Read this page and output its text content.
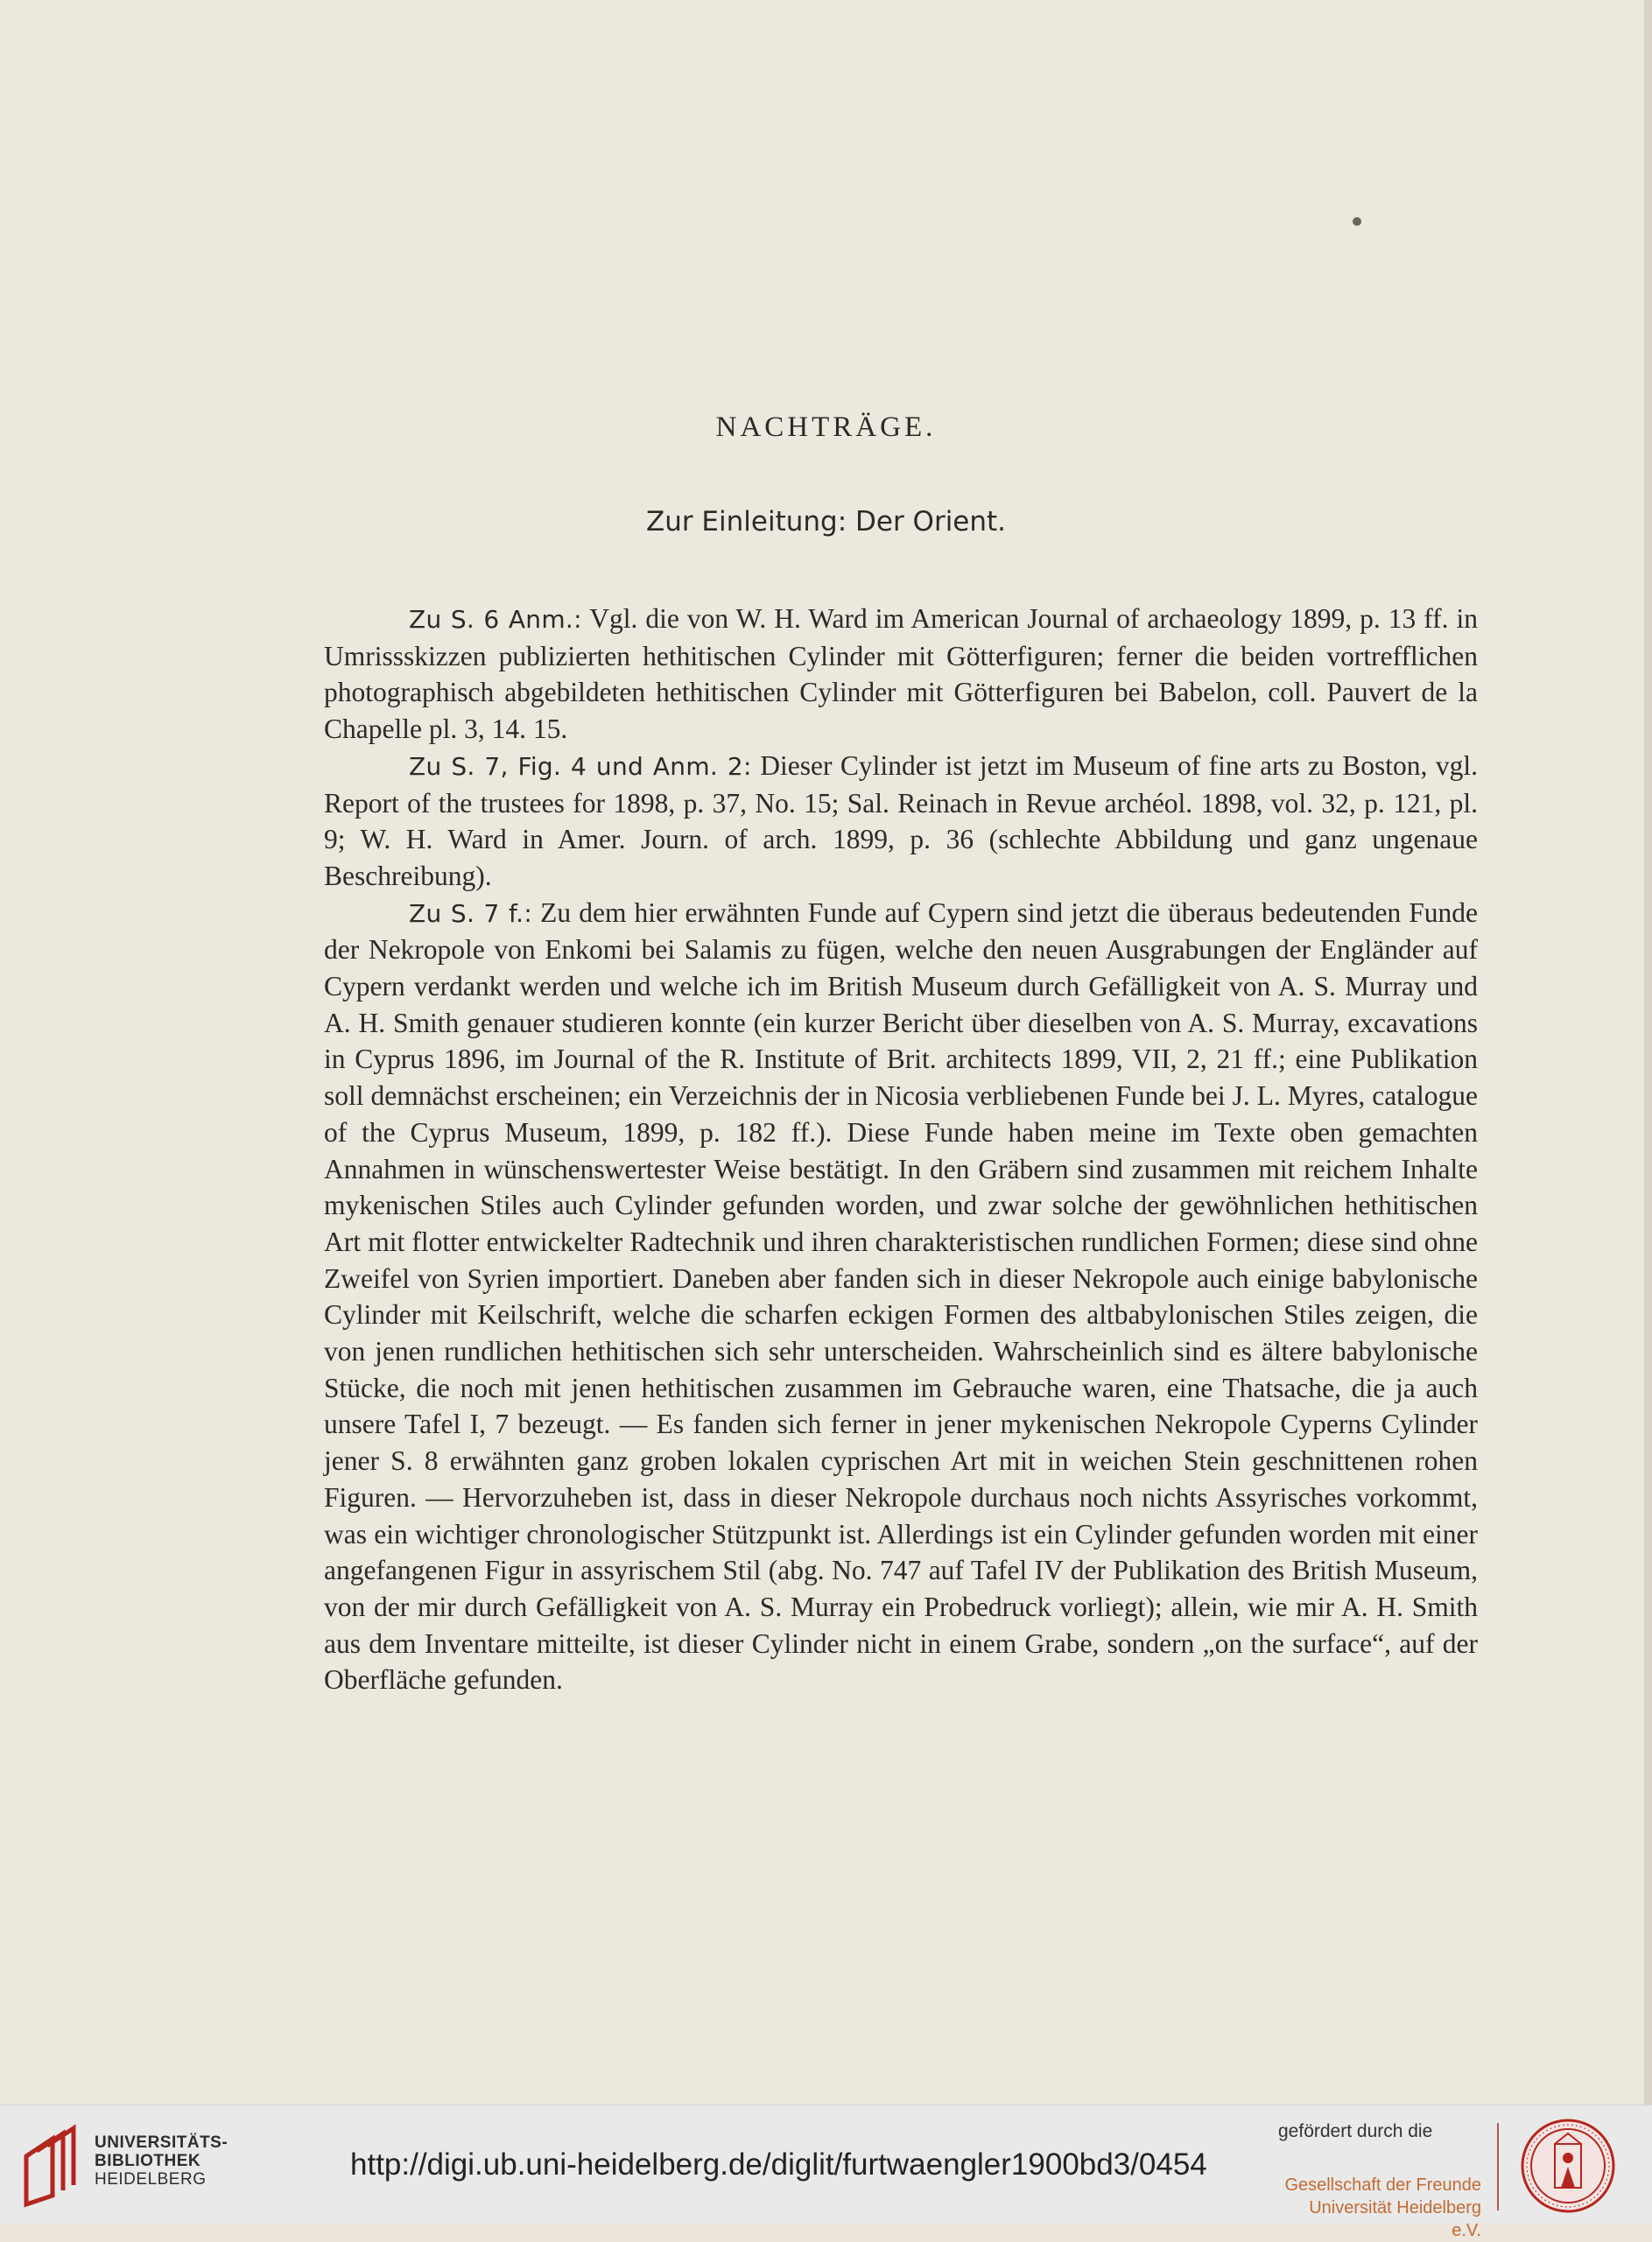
NACHTRÄGE.
Zur Einleitung: Der Orient.

Zu S. 6 Anm.: Vgl. die von W. H. Ward im American Journal of archaeology 1899, p. 13 ff. in Umrissskizzen publizierten hethitischen Cylinder mit Götterfiguren; ferner die beiden vortrefflichen photographisch abgebildeten hethitischen Cylinder mit Götterfiguren bei Babelon, coll. Pauvert de la Chapelle pl. 3, 14. 15.

Zu S. 7, Fig. 4 und Anm. 2: Dieser Cylinder ist jetzt im Museum of fine arts zu Boston, vgl. Report of the trustees for 1898, p. 37, No. 15; Sal. Reinach in Revue archéol. 1898, vol. 32, p. 121, pl. 9; W. H. Ward in Amer. Journ. of arch. 1899, p. 36 (schlechte Abbildung und ganz ungenaue Beschreibung).

Zu S. 7 f.: Zu dem hier erwähnten Funde auf Cypern sind jetzt die überaus bedeutenden Funde der Nekropole von Enkomi bei Salamis zu fügen, welche den neuen Ausgrabungen der Engländer auf Cypern verdankt werden und welche ich im British Museum durch Gefälligkeit von A. S. Murray und A. H. Smith genauer studieren konnte (ein kurzer Bericht über dieselben von A. S. Murray, excavations in Cyprus 1896, im Journal of the R. Institute of Brit. architects 1899, VII, 2, 21 ff.; eine Publikation soll demnächst erscheinen; ein Verzeichnis der in Nicosia verbliebenen Funde bei J. L. Myres, catalogue of the Cyprus Museum, 1899, p. 182 ff.). Diese Funde haben meine im Texte oben gemachten Annahmen in wünschenswertester Weise bestätigt. In den Gräbern sind zusammen mit reichem Inhalte mykenischen Stiles auch Cylinder gefunden worden, und zwar solche der gewöhnlichen hethitischen Art mit flotter entwickelter Radtechnik und ihren charakteristischen rundlichen Formen; diese sind ohne Zweifel von Syrien importiert. Daneben aber fanden sich in dieser Nekropole auch einige babylonische Cylinder mit Keilschrift, welche die scharfen eckigen Formen des altbabylonischen Stiles zeigen, die von jenen rundlichen hethitischen sich sehr unterscheiden. Wahrscheinlich sind es ältere babylonische Stücke, die noch mit jenen hethitischen zusammen im Gebrauche waren, eine Thatsache, die ja auch unsere Tafel I, 7 bezeugt. — Es fanden sich ferner in jener mykenischen Nekropole Cyperns Cylinder jener S. 8 erwähnten ganz groben lokalen cyprischen Art mit in weichen Stein geschnittenen rohen Figuren. — Hervorzuheben ist, dass in dieser Nekropole durchaus noch nichts Assyrisches vorkommt, was ein wichtiger chronologischer Stützpunkt ist. Allerdings ist ein Cylinder gefunden worden mit einer angefangenen Figur in assyrischem Stil (abg. No. 747 auf Tafel IV der Publikation des British Museum, von der mir durch Gefälligkeit von A. S. Murray ein Probedruck vorliegt); allein, wie mir A. H. Smith aus dem Inventare mitteilte, ist dieser Cylinder nicht in einem Grabe, sondern „on the surface“, auf der Oberfläche gefunden.

UNIVERSITÄTS-
BIBLIOTHEK
HEIDELBERG	http://digi.ub.uni-heidelberg.de/diglit/furtwaengler1900bd3/0454
gefördert durch die
Gesellschaft der Freunde
Universität Heidelberg e.V.
